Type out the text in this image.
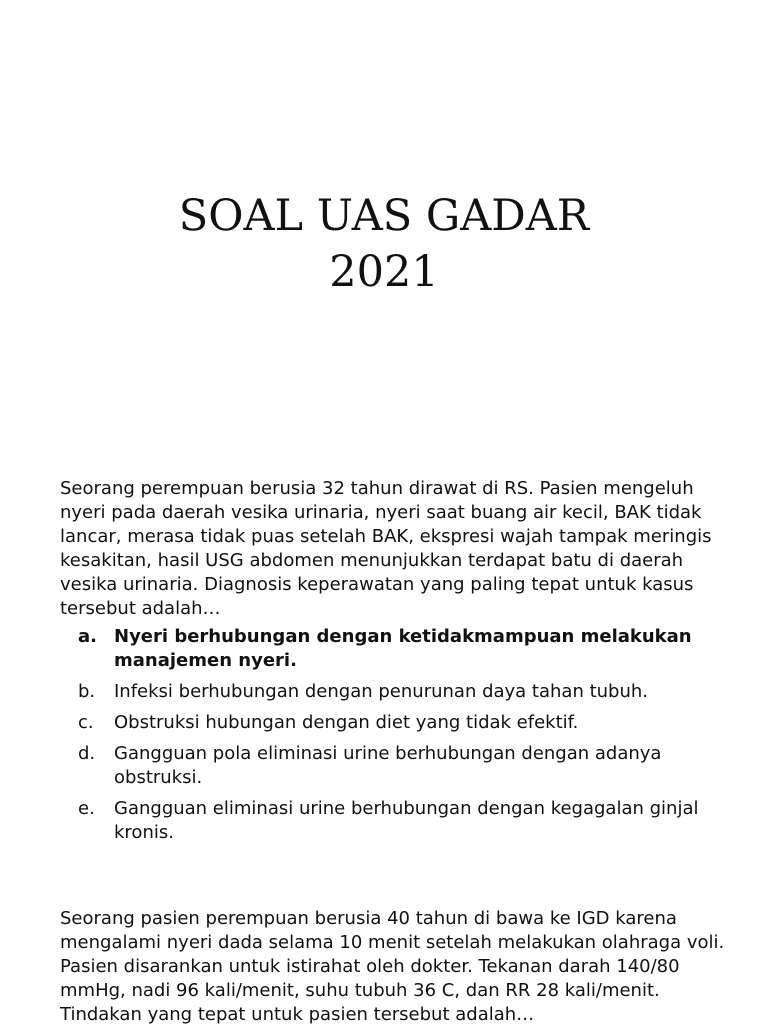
SOAL UAS GADAR
2021

Seorang perempuan berusia 32 tahun dirawat di RS. Pasien mengeluh nyeri pada daerah vesika urinaria, nyeri saat buang air kecil, BAK tidak lancar, merasa tidak puas setelah BAK, ekspresi wajah tampak meringis kesakitan, hasil USG abdomen menunjukkan terdapat batu di daerah vesika urinaria. Diagnosis keperawatan yang paling tepat untuk kasus tersebut adalah…

a. Nyeri berhubungan dengan ketidakmampuan melakukan manajemen nyeri.
b.	Infeksi berhubungan dengan penurunan daya tahan tubuh.
c.	Obstruksi hubungan dengan diet yang tidak efektif.
d.	Gangguan pola eliminasi urine berhubungan dengan adanya obstruksi.
e.	Gangguan eliminasi urine berhubungan dengan kegagalan ginjal kronis.

Seorang pasien perempuan berusia 40 tahun di bawa ke IGD karena mengalami nyeri dada selama 10 menit setelah melakukan olahraga voli. Pasien disarankan untuk istirahat oleh dokter. Tekanan darah 140/80 mmHg, nadi 96 kali/menit, suhu tubuh 36 C, dan RR 28 kali/menit. Tindakan yang tepat untuk pasien tersebut adalah…
